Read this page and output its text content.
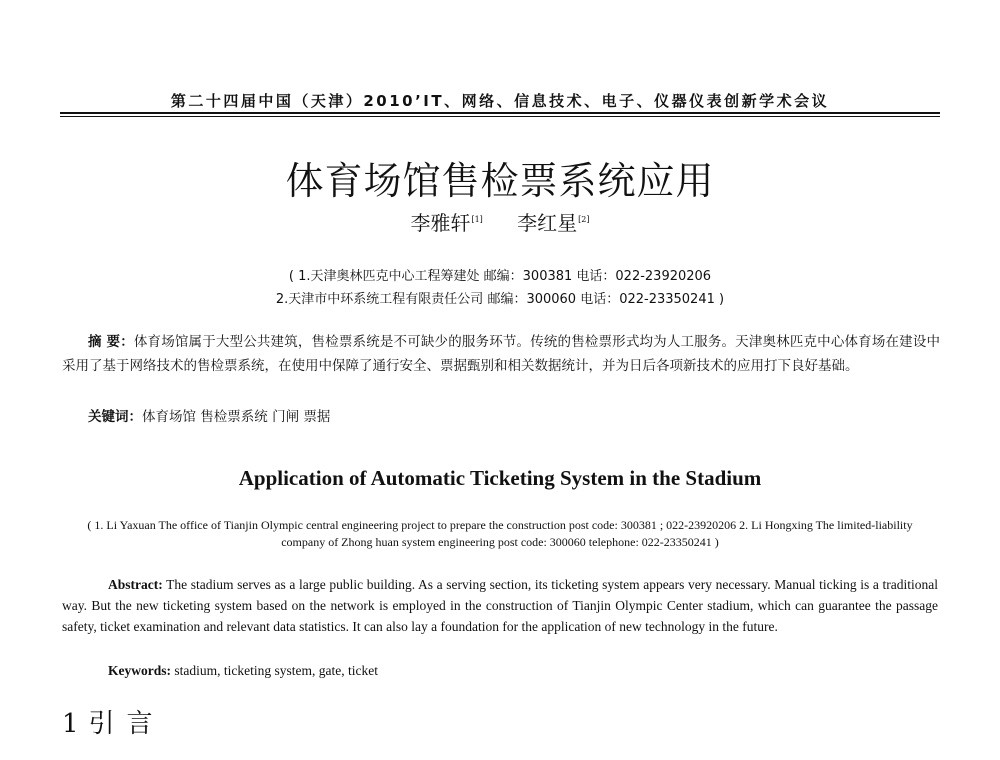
第二十四届中国（天津）2010’IT、网络、信息技术、电子、仪器仪表创新学术会议
体育场馆售检票系统应用
李雅轩[1] 李红星[2]
( 1.天津奥林匹克中心工程筹建处 邮编：300381 电话：022-23920206
2.天津市中环系统工程有限责任公司 邮编：300060 电话：022-23350241 )
摘 要：体育场馆属于大型公共建筑，售检票系统是不可缺少的服务环节。传统的售检票形式均为人工服务。天津奥林匹克中心体育场在建设中采用了基于网络技术的售检票系统，在使用中保障了通行安全、票据甄别和相关数据统计，并为日后各项新技术的应用打下良好基础。
关键词：体育场馆 售检票系统 门闸 票据
Application of Automatic Ticketing System in the Stadium
( 1. Li Yaxuan The office of Tianjin Olympic central engineering project to prepare the construction post code: 300381 ; 022-23920206 2. Li Hongxing The limited-liability company of Zhong huan system engineering post code: 300060 telephone: 022-23350241 )
Abstract: The stadium serves as a large public building. As a serving section, its ticketing system appears very necessary. Manual ticking is a traditional way. But the new ticketing system based on the network is employed in the construction of Tianjin Olympic Center stadium, which can guarantee the passage safety, ticket examination and relevant data statistics. It can also lay a foundation for the application of new technology in the future.
Keywords: stadium, ticketing system, gate, ticket
1 引言
